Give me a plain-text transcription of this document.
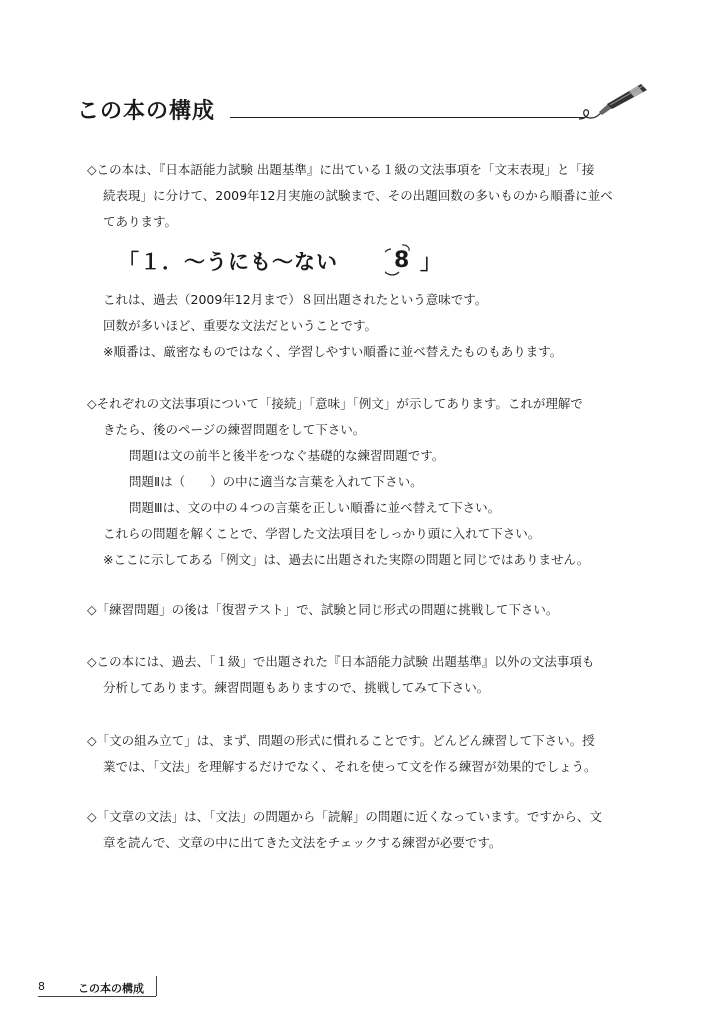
この本の構成
◇この本は、『日本語能力試験 出題基準』に出ている１級の文法事項を「文末表現」と「接
続表現」に分けて、2009年12月実施の試験まで、その出題回数の多いものから順番に並べ
てあります。
「１．〜うにも〜ない	8 」
これは、過去（2009年12月まで）８回出題されたという意味です。
回数が多いほど、重要な文法だということです。
※順番は、厳密なものではなく、学習しやすい順番に並べ替えたものもあります。
◇それぞれの文法事項について「接続」「意味」「例文」が示してあります。これが理解で
きたら、後のページの練習問題をして下さい。
問題Ⅰは文の前半と後半をつなぐ基礎的な練習問題です。
問題Ⅱは（　　）の中に適当な言葉を入れて下さい。
問題Ⅲは、文の中の４つの言葉を正しい順番に並べ替えて下さい。
これらの問題を解くことで、学習した文法項目をしっかり頭に入れて下さい。
※ここに示してある「例文」は、過去に出題された実際の問題と同じではありません。
◇「練習問題」の後は「復習テスト」で、試験と同じ形式の問題に挑戦して下さい。
◇この本には、過去、「１級」で出題された『日本語能力試験 出題基準』以外の文法事項も
分析してあります。練習問題もありますので、挑戦してみて下さい。
◇「文の組み立て」は、まず、問題の形式に慣れることです。どんどん練習して下さい。授
業では、「文法」を理解するだけでなく、それを使って文を作る練習が効果的でしょう。
◇「文章の文法」は、「文法」の問題から「読解」の問題に近くなっています。ですから、文
章を読んで、文章の中に出てきた文法をチェックする練習が必要です。
8	この本の構成
